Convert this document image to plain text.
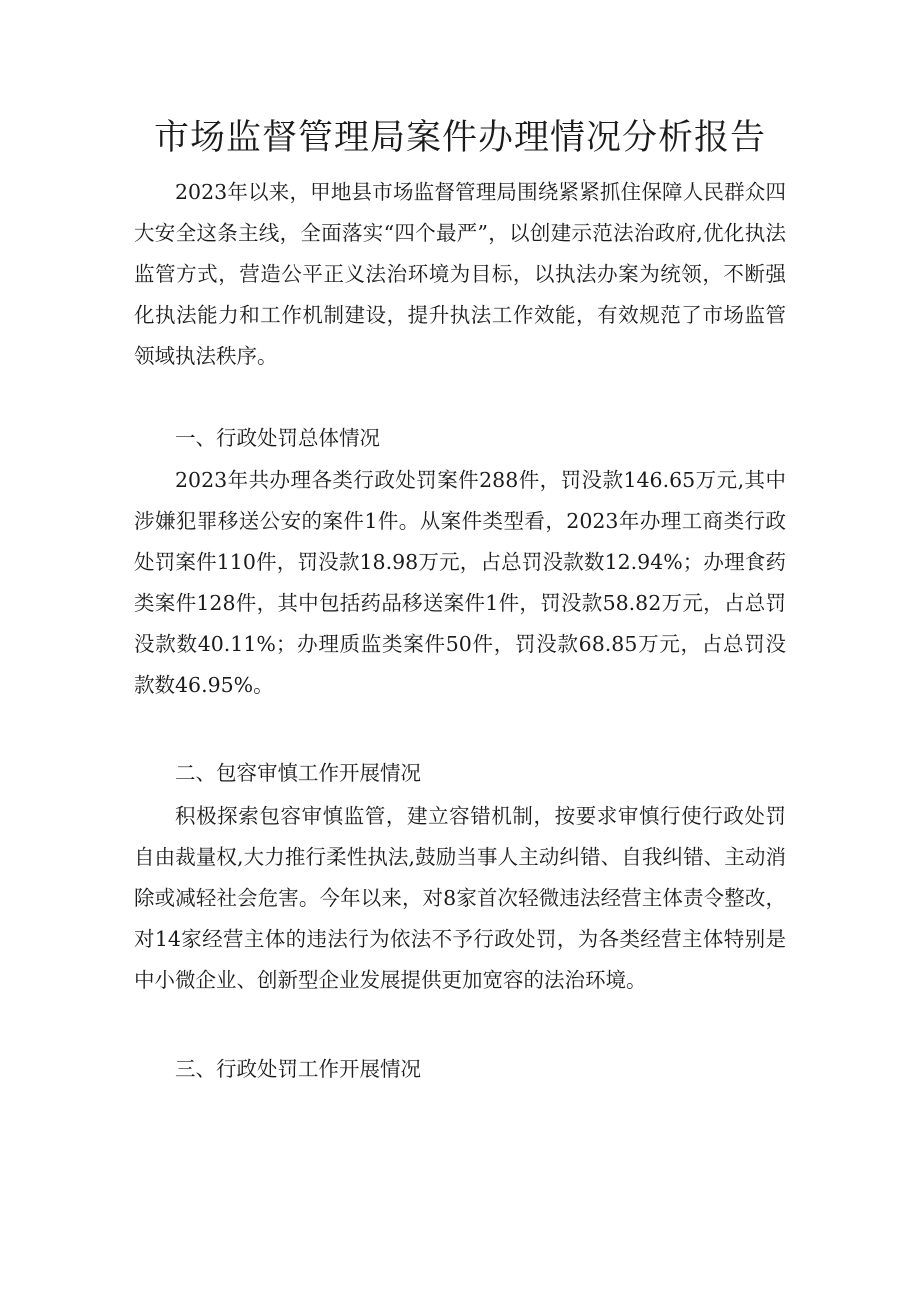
市场监督管理局案件办理情况分析报告

2023年以来，甲地县市场监督管理局围绕紧紧抓住保障人民群众四大安全这条主线，全面落实“四个最严”，以创建示范法治政府,优化执法监管方式，营造公平正义法治环境为目标，以执法办案为统领，不断强化执法能力和工作机制建设，提升执法工作效能，有效规范了市场监管领域执法秩序。

一、行政处罚总体情况

2023年共办理各类行政处罚案件288件，罚没款146.65万元,其中涉嫌犯罪移送公安的案件1件。从案件类型看，2023年办理工商类行政处罚案件110件，罚没款18.98万元，占总罚没款数12.94%；办理食药类案件128件，其中包括药品移送案件1件，罚没款58.82万元，占总罚没款数40.11%；办理质监类案件50件，罚没款68.85万元，占总罚没款数46.95%。

二、包容审慎工作开展情况

积极探索包容审慎监管，建立容错机制，按要求审慎行使行政处罚自由裁量权,大力推行柔性执法,鼓励当事人主动纠错、自我纠错、主动消除或减轻社会危害。今年以来，对8家首次轻微违法经营主体责令整改，对14家经营主体的违法行为依法不予行政处罚，为各类经营主体特别是中小微企业、创新型企业发展提供更加宽容的法治环境。

三、行政处罚工作开展情况
